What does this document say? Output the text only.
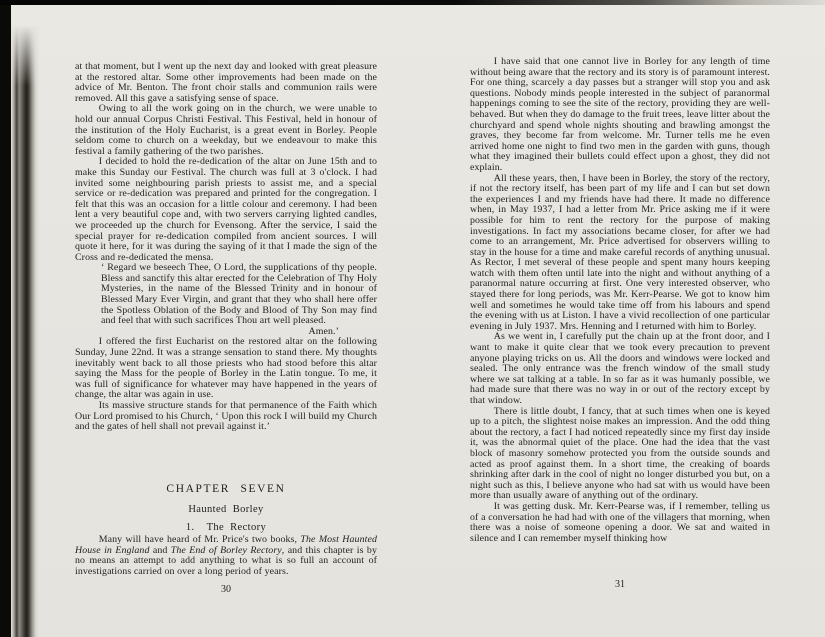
at that moment, but I went up the next day and looked with great pleasure at the restored altar. Some other improvements had been made on the advice of Mr. Benton. The front choir stalls and communion rails were removed. All this gave a satisfying sense of space.

Owing to all the work going on in the church, we were unable to hold our annual Corpus Christi Festival. This Festival, held in honour of the institution of the Holy Eucharist, is a great event in Borley. People seldom come to church on a weekday, but we endeavour to make this festival a family gathering of the two parishes.

I decided to hold the re-dedication of the altar on June 15th and to make this Sunday our Festival. The church was full at 3 o'clock. I had invited some neighbouring parish priests to assist me, and a special service or re-dedication was prepared and printed for the congregation. I felt that this was an occasion for a little colour and ceremony. I had been lent a very beautiful cope and, with two servers carrying lighted candles, we proceeded up the church for Evensong. After the service, I said the special prayer for re-dedication compiled from ancient sources. I will quote it here, for it was during the saying of it that I made the sign of the Cross and re-dedicated the mensa.

‘ Regard we beseech Thee, O Lord, the supplications of thy people. Bless and sanctify this altar erected for the Celebration of Thy Holy Mysteries, in the name of the Blessed Trinity and in honour of Blessed Mary Ever Virgin, and grant that they who shall here offer the Spotless Oblation of the Body and Blood of Thy Son may find and feel that with such sacrifices Thou art well pleased.

Amen.’

I offered the first Eucharist on the restored altar on the following Sunday, June 22nd. It was a strange sensation to stand there. My thoughts inevitably went back to all those priests who had stood before this altar saying the Mass for the people of Borley in the Latin tongue. To me, it was full of significance for whatever may have happened in the years of change, the altar was again in use.

Its massive structure stands for that permanence of the Faith which Our Lord promised to his Church, ‘ Upon this rock I will build my Church and the gates of hell shall not prevail against it.’

CHAPTER SEVEN
Haunted Borley
1.  The Rectory

Many will have heard of Mr. Price's two books, The Most Haunted House in England and The End of Borley Rectory, and this chapter is by no means an attempt to add anything to what is so full an account of investigations carried on over a long period of years.

30

I have said that one cannot live in Borley for any length of time without being aware that the rectory and its story is of paramount interest. For one thing, scarcely a day passes but a stranger will stop you and ask questions. Nobody minds people interested in the subject of paranormal happenings coming to see the site of the rectory, providing they are well-behaved. But when they do damage to the fruit trees, leave litter about the churchyard and spend whole nights shouting and brawling amongst the graves, they become far from welcome. Mr. Turner tells me he even arrived home one night to find two men in the garden with guns, though what they imagined their bullets could effect upon a ghost, they did not explain.

All these years, then, I have been in Borley, the story of the rectory, if not the rectory itself, has been part of my life and I can but set down the experiences I and my friends have had there. It made no difference when, in May 1937, I had a letter from Mr. Price asking me if it were possible for him to rent the rectory for the purpose of making investigations. In fact my associations became closer, for after we had come to an arrangement, Mr. Price advertised for observers willing to stay in the house for a time and make careful records of anything unusual. As Rector, I met several of these people and spent many hours keeping watch with them often until late into the night and without anything of a paranormal nature occurring at first. One very interested observer, who stayed there for long periods, was Mr. Kerr-Pearse. We got to know him well and sometimes he would take time off from his labours and spend the evening with us at Liston. I have a vivid recollection of one particular evening in July 1937. Mrs. Henning and I returned with him to Borley.

As we went in, I carefully put the chain up at the front door, and I want to make it quite clear that we took every precaution to prevent anyone playing tricks on us. All the doors and windows were locked and sealed. The only entrance was the french window of the small study where we sat talking at a table. In so far as it was humanly possible, we had made sure that there was no way in or out of the rectory except by that window.

There is little doubt, I fancy, that at such times when one is keyed up to a pitch, the slightest noise makes an impression. And the odd thing about the rectory, a fact I had noticed repeatedly since my first day inside it, was the abnormal quiet of the place. One had the idea that the vast block of masonry somehow protected you from the outside sounds and acted as proof against them. In a short time, the creaking of boards shrinking after dark in the cool of night no longer disturbed you but, on a night such as this, I believe anyone who had sat with us would have been more than usually aware of anything out of the ordinary.

It was getting dusk. Mr. Kerr-Pearse was, if I remember, telling us of a conversation he had had with one of the villagers that morning, when there was a noise of someone opening a door. We sat and waited in silence and I can remember myself thinking how

31
